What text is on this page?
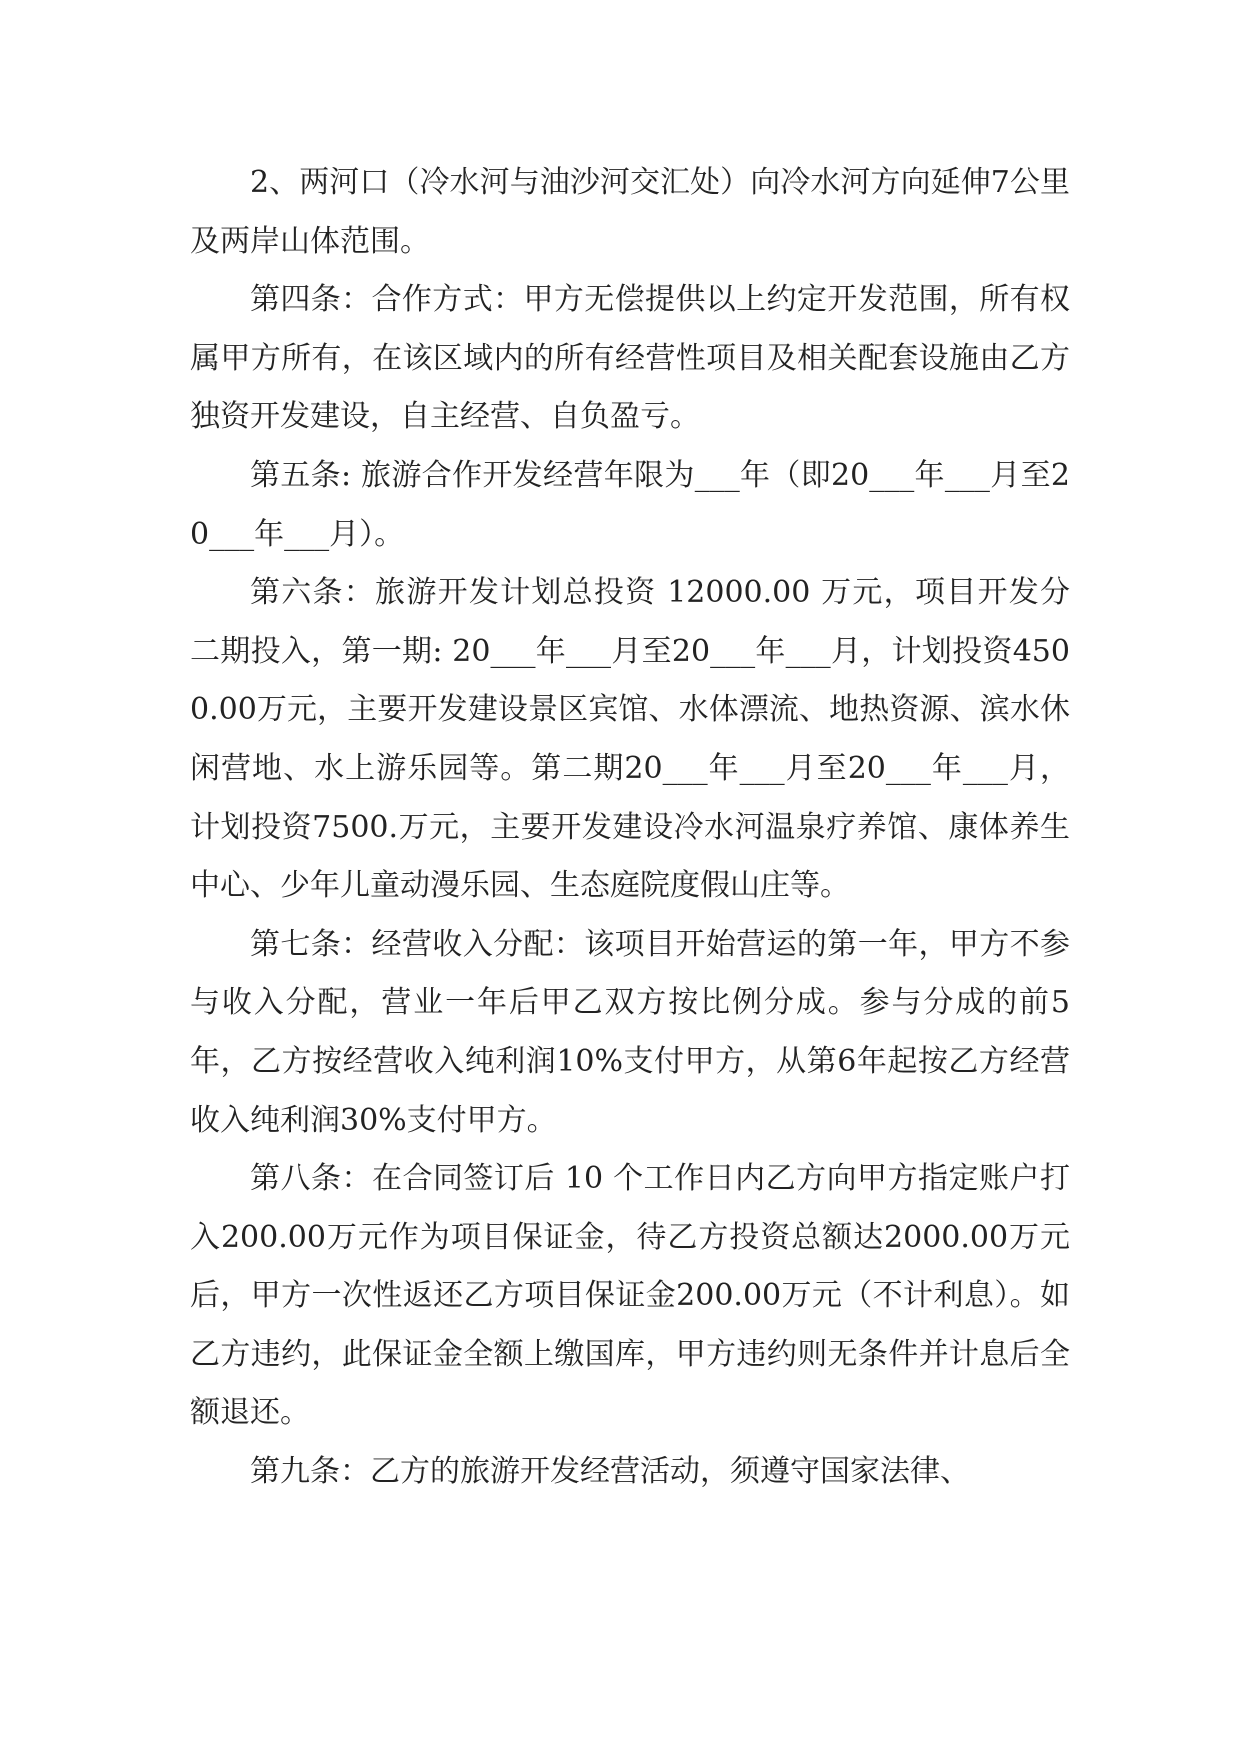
2、两河口（冷水河与油沙河交汇处）向冷水河方向延伸7公里及两岸山体范围。

第四条：合作方式：甲方无偿提供以上约定开发范围，所有权属甲方所有，在该区域内的所有经营性项目及相关配套设施由乙方独资开发建设，自主经营、自负盈亏。

第五条: 旅游合作开发经营年限为___年（即20___年___月至20___年___月）。

第六条：旅游开发计划总投资 12000.00 万元，项目开发分二期投入，第一期: 20___年___月至20___年___月，计划投资4500.00万元，主要开发建设景区宾馆、水体漂流、地热资源、滨水休闲营地、水上游乐园等。第二期20___年___月至20___年___月，计划投资7500.万元，主要开发建设冷水河温泉疗养馆、康体养生中心、少年儿童动漫乐园、生态庭院度假山庄等。

第七条：经营收入分配：该项目开始营运的第一年，甲方不参与收入分配，营业一年后甲乙双方按比例分成。参与分成的前5年，乙方按经营收入纯利润10%支付甲方，从第6年起按乙方经营收入纯利润30%支付甲方。

第八条：在合同签订后 10 个工作日内乙方向甲方指定账户打入200.00万元作为项目保证金，待乙方投资总额达2000.00万元后，甲方一次性返还乙方项目保证金200.00万元（不计利息）。如乙方违约，此保证金全额上缴国库，甲方违约则无条件并计息后全额退还。

第九条：乙方的旅游开发经营活动，须遵守国家法律、
